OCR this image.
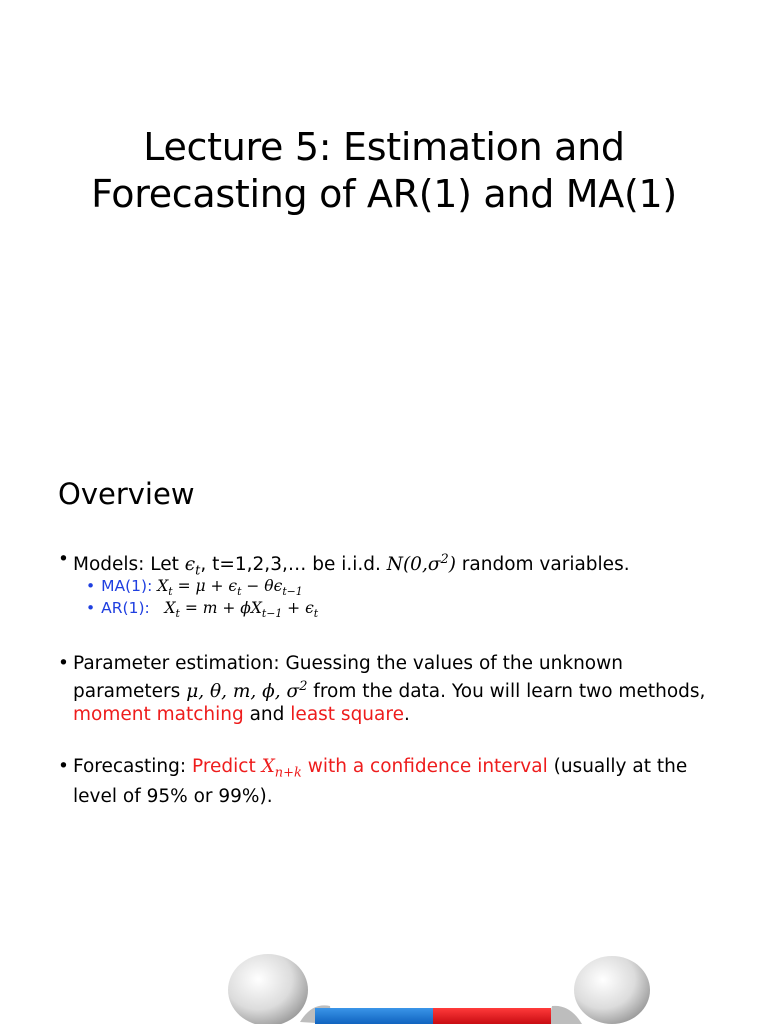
Lecture 5: Estimation and
Forecasting of AR(1) and MA(1)
Overview
• Models: Let $\epsilon_t$, t=1,2,3,… be i.i.d. $N(0,\sigma^2)$ random variables.
• MA(1): $X_t = \mu + \epsilon_t - \theta\epsilon_{t-1}$
• AR(1): $X_t = m + \phi X_{t-1} + \epsilon_t$
• Parameter estimation: Guessing the values of the unknown parameters μ, θ, m, ϕ, $\sigma^2$ from the data. You will learn two methods, moment matching and least square.
• Forecasting: Predict $X_{n+k}$ with a confidence interval (usually at the level of 95% or 99%).
